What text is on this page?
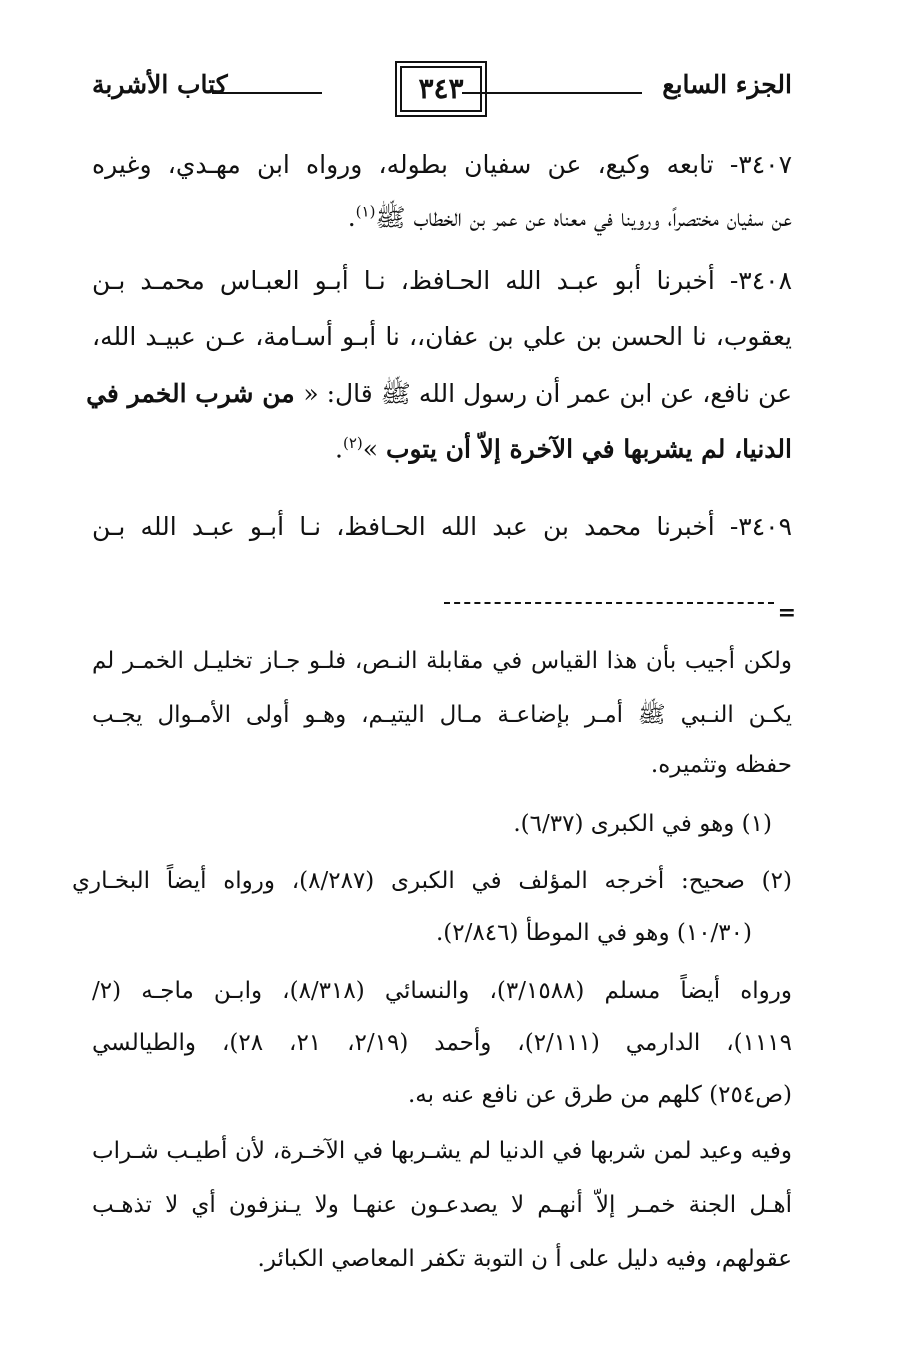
الجزء السابع
٣٤٣
كتاب الأشربة
٣٤٠٧- تابعه وكيع، عن سفيان بطوله، ورواه ابن مهـدي، وغيره
عن سفيان مختصراً، وروينا في معناه عن عمر بن الخطاب ﷺ$^{(١)}$.
٣٤٠٨- أخبرنا أبو عبـد الله الحـافظ، نـا أبـو العبـاس محمـد بـن
يعقوب، نا الحسن بن علي بن عفان،، نا أبـو أسـامة، عـن عبيـد الله،
عن نافع، عن ابن عمر أن رسول الله ﷺ قال: « من شرب الخمر في
الدنيا، لم يشربها في الآخرة إلاّ أن يتوب »$^{(٢)}$.
٣٤٠٩- أخبرنا محمد بن عبد الله الحـافظ، نـا أبـو عبـد الله بـن
=
ولكن أجيب بأن هذا القياس في مقابلة النـص، فلـو جـاز تخليـل الخمـر لم
يكـن النـبي ﷺ أمـر بإضاعـة مـال اليتيـم، وهـو أولى الأمـوال يجـب
حفظه وتثميره.
(١) وهو في الكبرى (٦/٣٧).
(٢) صحيح: أخرجه المؤلف في الكبرى (٨/٢٨٧)، ورواه أيضاً البخـاري
(١٠/٣٠) وهو في الموطأ (٢/٨٤٦).
ورواه أيضاً مسلم (٣/١٥٨٨)، والنسائي (٨/٣١٨)، وابـن ماجـه (٢/
١١١٩)، الدارمي (٢/١١١)، وأحمد (٢/١٩، ٢١، ٢٨)، والطيالسي
(ص٢٥٤) كلهم من طرق عن نافع عنه به.
وفيه وعيد لمن شربها في الدنيا لم يشـربها في الآخـرة، لأن أطيـب شـراب
أهـل الجنة خمـر إلاّ أنهـم لا يصدعـون عنهـا ولا يـنزفون أي لا تذهـب
عقولهم، وفيه دليل على أ ن التوبة تكفر المعاصي الكبائر.
